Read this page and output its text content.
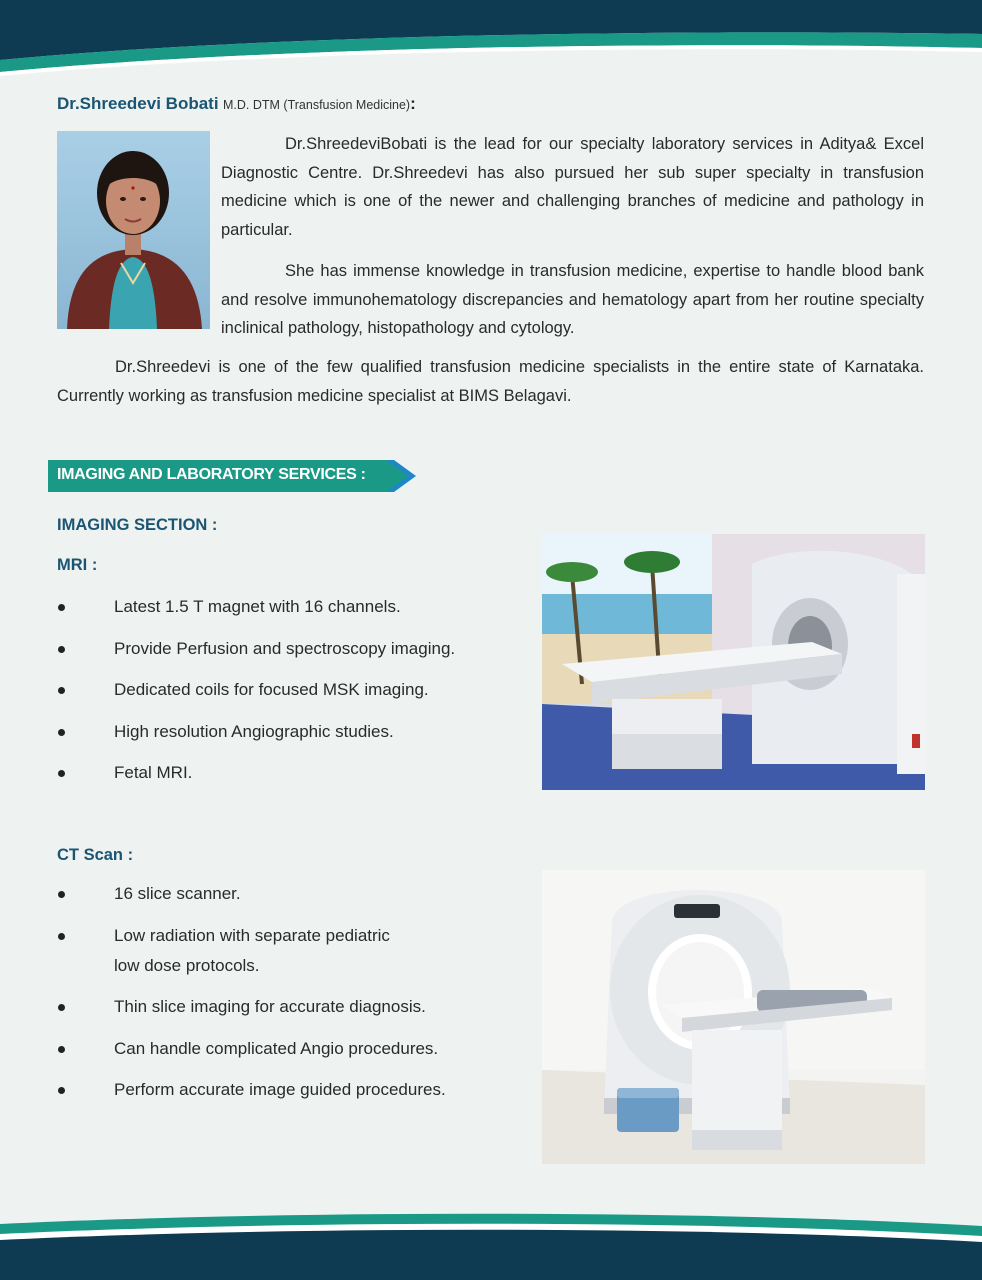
Dr.Shreedevi Bobati M.D. DTM (Transfusion Medicine):

Dr.ShreedeviBobati is the lead for our specialty laboratory services in Aditya& Excel Diagnostic Centre. Dr.Shreedevi has also pursued her sub super specialty in transfusion medicine which is one of the newer and challenging branches of medicine and pathology in particular.

She has immense knowledge in transfusion medicine, expertise to handle blood bank and resolve immunohematology discrepancies and hematology apart from her routine specialty inclinical pathology, histopathology and cytology.

Dr.Shreedevi is one of the few qualified transfusion medicine specialists in the entire state of Karnataka. Currently working as transfusion medicine specialist at BIMS Belagavi.

IMAGING AND LABORATORY SERVICES :
IMAGING SECTION :
MRI :
Latest 1.5 T magnet with 16 channels.
Provide Perfusion and spectroscopy imaging.
Dedicated coils for focused MSK imaging.
High resolution Angiographic studies.
Fetal MRI.
CT Scan :
16 slice scanner.
Low radiation with separate pediatric
low dose protocols.
Thin slice imaging for accurate diagnosis.
Can handle complicated Angio procedures.
Perform accurate image guided procedures.
